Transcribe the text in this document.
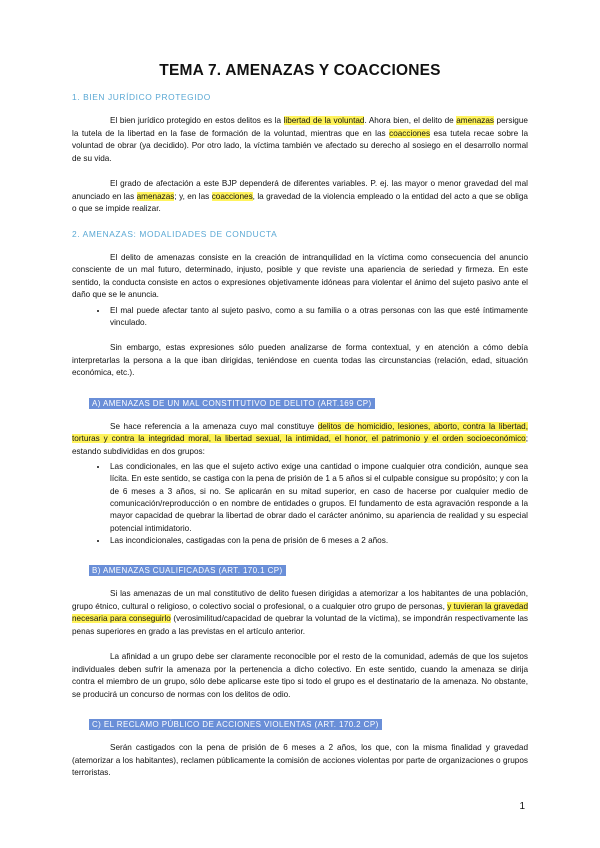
TEMA 7. AMENAZAS Y COACCIONES
1. BIEN JURÍDICO PROTEGIDO

El bien jurídico protegido en estos delitos es la libertad de la voluntad. Ahora bien, el delito de amenazas persigue la tutela de la libertad en la fase de formación de la voluntad, mientras que en las coacciones esa tutela recae sobre la voluntad de obrar (ya decidido). Por otro lado, la víctima también ve afectado su derecho al sosiego en el desarrollo normal de su vida.

El grado de afectación a este BJP dependerá de diferentes variables. P. ej. las mayor o menor gravedad del mal anunciado en las amenazas; y, en las coacciones, la gravedad de la violencia empleado o la entidad del acto a que se obliga o que se impide realizar.

2. AMENAZAS: MODALIDADES DE CONDUCTA

El delito de amenazas consiste en la creación de intranquilidad en la víctima como consecuencia del anuncio consciente de un mal futuro, determinado, injusto, posible y que reviste una apariencia de seriedad y firmeza. En este sentido, la conducta consiste en actos o expresiones objetivamente idóneas para violentar el ánimo del sujeto pasivo ante el daño que se le anuncia.

• El mal puede afectar tanto al sujeto pasivo, como a su familia o a otras personas con las que esté íntimamente vinculado.

Sin embargo, estas expresiones sólo pueden analizarse de forma contextual, y en atención a cómo debía interpretarlas la persona a la que iban dirigidas, teniéndose en cuenta todas las circunstancias (relación, edad, situación económica, etc.).

A) AMENAZAS DE UN MAL CONSTITUTIVO DE DELITO (ART.169 CP)

Se hace referencia a la amenaza cuyo mal constituye delitos de homicidio, lesiones, aborto, contra la libertad, torturas y contra la integridad moral, la libertad sexual, la intimidad, el honor, el patrimonio y el orden socioeconómico; estando subdivididas en dos grupos:

• Las condicionales, en las que el sujeto activo exige una cantidad o impone cualquier otra condición, aunque sea lícita. En este sentido, se castiga con la pena de prisión de 1 a 5 años si el culpable consigue su propósito; y con la de 6 meses a 3 años, si no. Se aplicarán en su mitad superior, en caso de hacerse por cualquier medio de comunicación/reproducción o en nombre de entidades o grupos. El fundamento de esta agravación responde a la mayor capacidad de quebrar la libertad de obrar dado el carácter anónimo, su apariencia de realidad y su especial potencial intimidatorio.
• Las incondicionales, castigadas con la pena de prisión de 6 meses a 2 años.
B) AMENAZAS CUALIFICADAS (ART. 170.1 CP)

Si las amenazas de un mal constitutivo de delito fuesen dirigidas a atemorizar a los habitantes de una población, grupo étnico, cultural o religioso, o colectivo social o profesional, o a cualquier otro grupo de personas, y tuvieran la gravedad necesaria para conseguirlo (verosimilitud/capacidad de quebrar la voluntad de la víctima), se impondrán respectivamente las penas superiores en grado a las previstas en el artículo anterior.

La afinidad a un grupo debe ser claramente reconocible por el resto de la comunidad, además de que los sujetos individuales deben sufrir la amenaza por la pertenencia a dicho colectivo. En este sentido, cuando la amenaza se dirija contra el miembro de un grupo, sólo debe aplicarse este tipo si todo el grupo es el destinatario de la amenaza. No obstante, se producirá un concurso de normas con los delitos de odio.

C) EL RECLAMO PÚBLICO DE ACCIONES VIOLENTAS (ART. 170.2 CP)

Serán castigados con la pena de prisión de 6 meses a 2 años, los que, con la misma finalidad y gravedad (atemorizar a los habitantes), reclamen públicamente la comisión de acciones violentas por parte de organizaciones o grupos terroristas.

1
